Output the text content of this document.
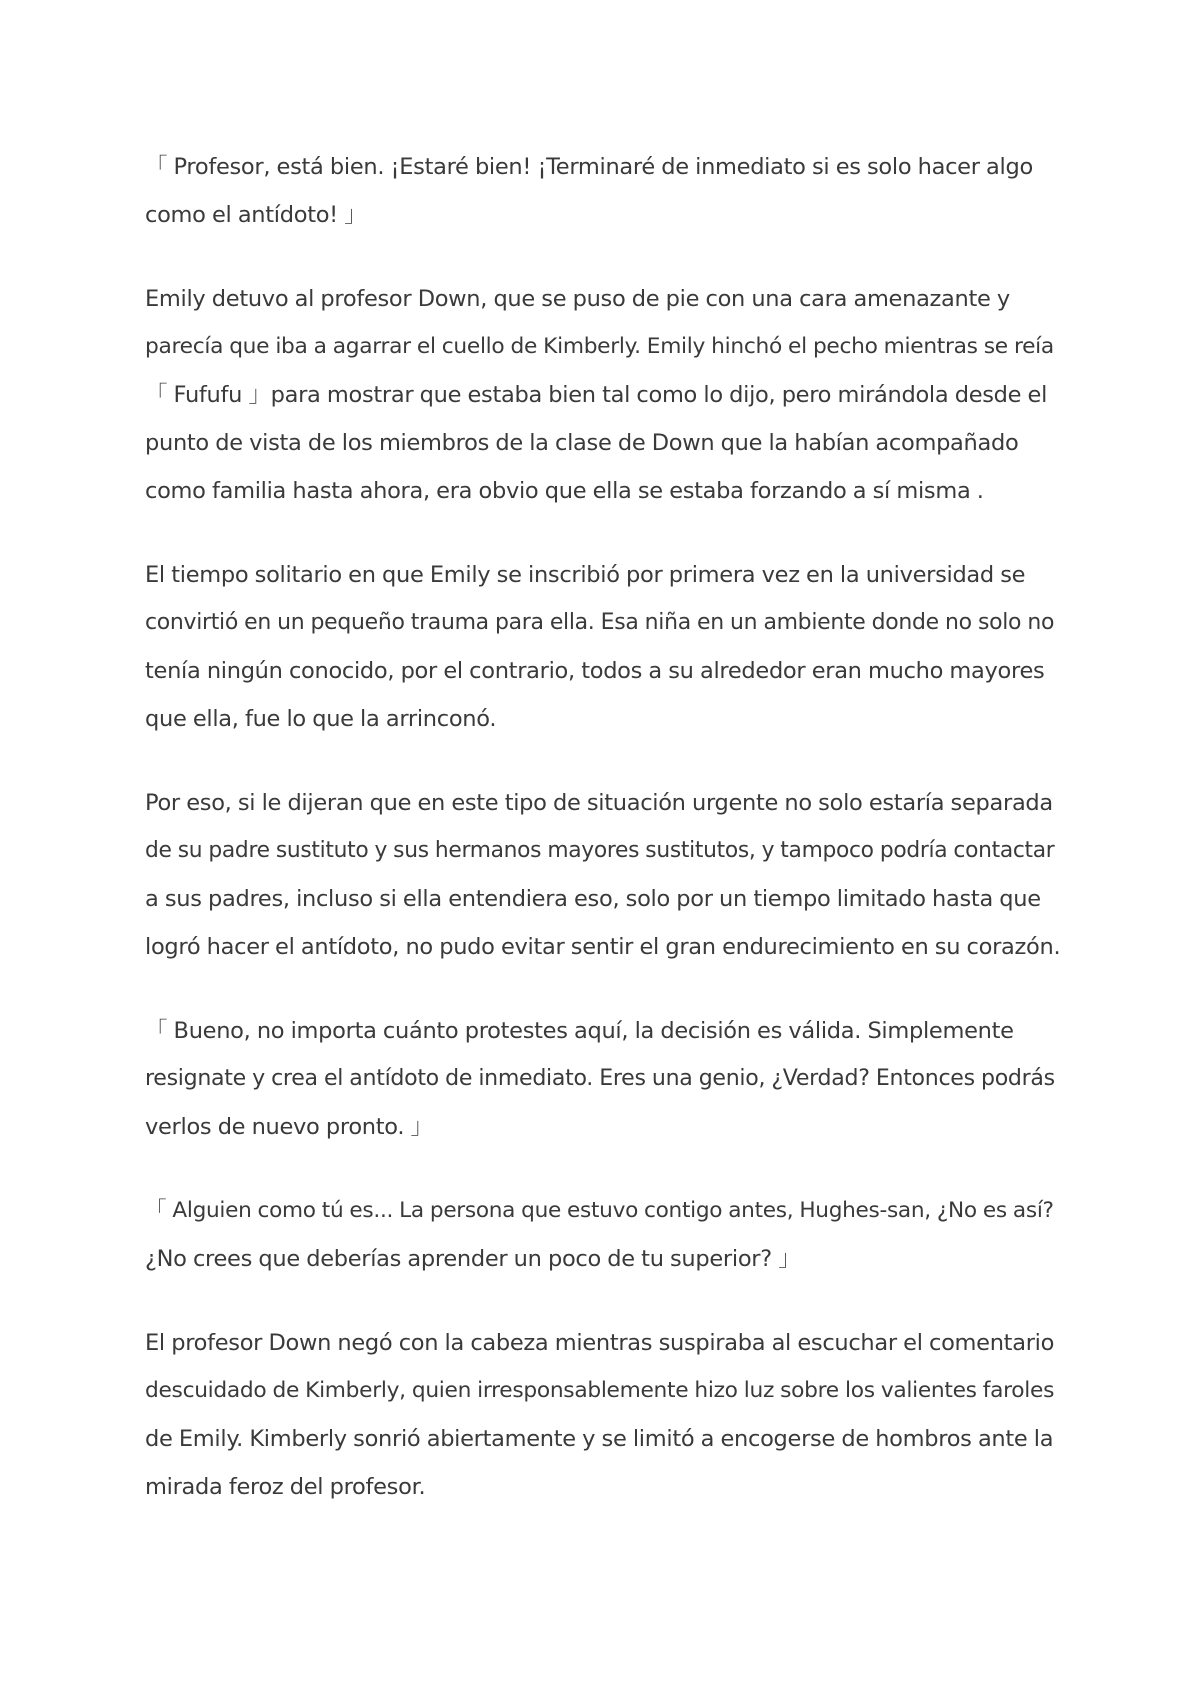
「 Profesor, está bien. ¡Estaré bien! ¡Terminaré de inmediato si es solo hacer algo
como el antídoto! 」

Emily detuvo al profesor Down, que se puso de pie con una cara amenazante y
parecía que iba a agarrar el cuello de Kimberly. Emily hinchó el pecho mientras se reía
「 Fufufu 」para mostrar que estaba bien tal como lo dijo, pero mirándola desde el
punto de vista de los miembros de la clase de Down que la habían acompañado
como familia hasta ahora, era obvio que ella se estaba forzando a sí misma .

El tiempo solitario en que Emily se inscribió por primera vez en la universidad se
convirtió en un pequeño trauma para ella. Esa niña en un ambiente donde no solo no
tenía ningún conocido, por el contrario, todos a su alrededor eran mucho mayores
que ella, fue lo que la arrinconó.

Por eso, si le dijeran que en este tipo de situación urgente no solo estaría separada
de su padre sustituto y sus hermanos mayores sustitutos, y tampoco podría contactar
a sus padres, incluso si ella entendiera eso, solo por un tiempo limitado hasta que
logró hacer el antídoto, no pudo evitar sentir el gran endurecimiento en su corazón.

「 Bueno, no importa cuánto protestes aquí, la decisión es válida. Simplemente
resignate y crea el antídoto de inmediato. Eres una genio, ¿Verdad? Entonces podrás
verlos de nuevo pronto. 」

「 Alguien como tú es... La persona que estuvo contigo antes, Hughes-san, ¿No es así?
¿No crees que deberías aprender un poco de tu superior? 」

El profesor Down negó con la cabeza mientras suspiraba al escuchar el comentario
descuidado de Kimberly, quien irresponsablemente hizo luz sobre los valientes faroles
de Emily. Kimberly sonrió abiertamente y se limitó a encogerse de hombros ante la
mirada feroz del profesor.
